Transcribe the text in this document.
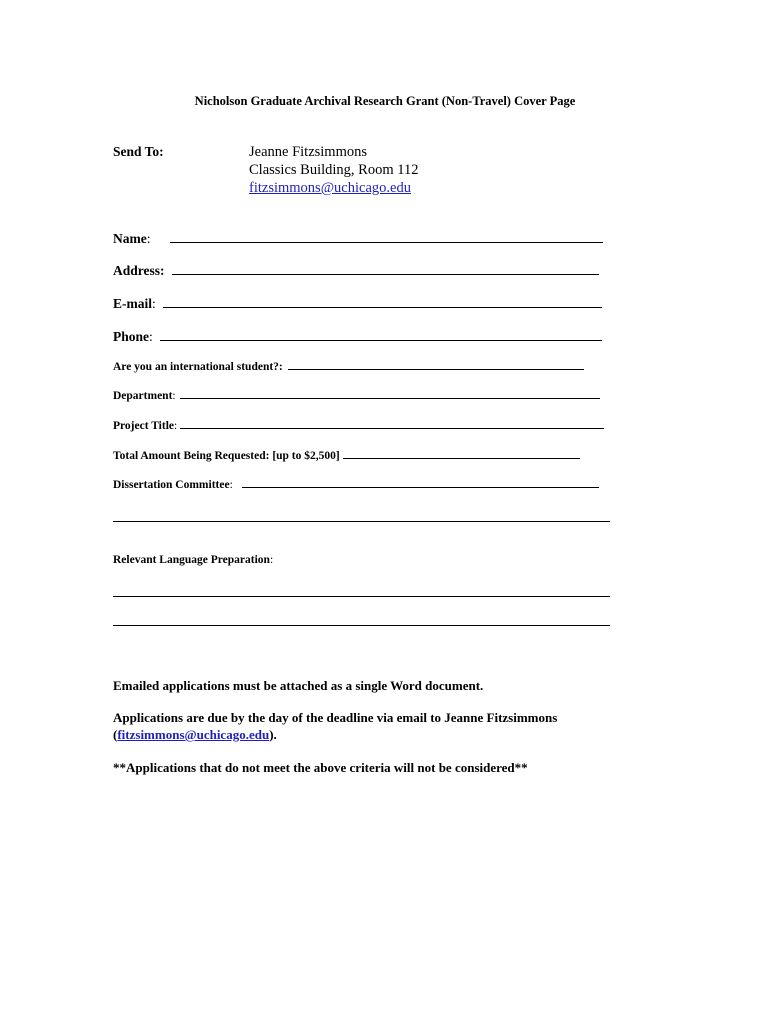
Nicholson Graduate Archival Research Grant (Non-Travel) Cover Page
Send To:	Jeanne Fitzsimmons
Classics Building, Room 112
fitzsimmons@uchicago.edu
Name:
Address:
E-mail:
Phone:
Are you an international student?:
Department:
Project Title:
Total Amount Being Requested: [up to $2,500]
Dissertation Committee:
Relevant Language Preparation:
Emailed applications must be attached as a single Word document.
Applications are due by the day of the deadline via email to Jeanne Fitzsimmons
(fitzsimmons@uchicago.edu).
**Applications that do not meet the above criteria will not be considered**
